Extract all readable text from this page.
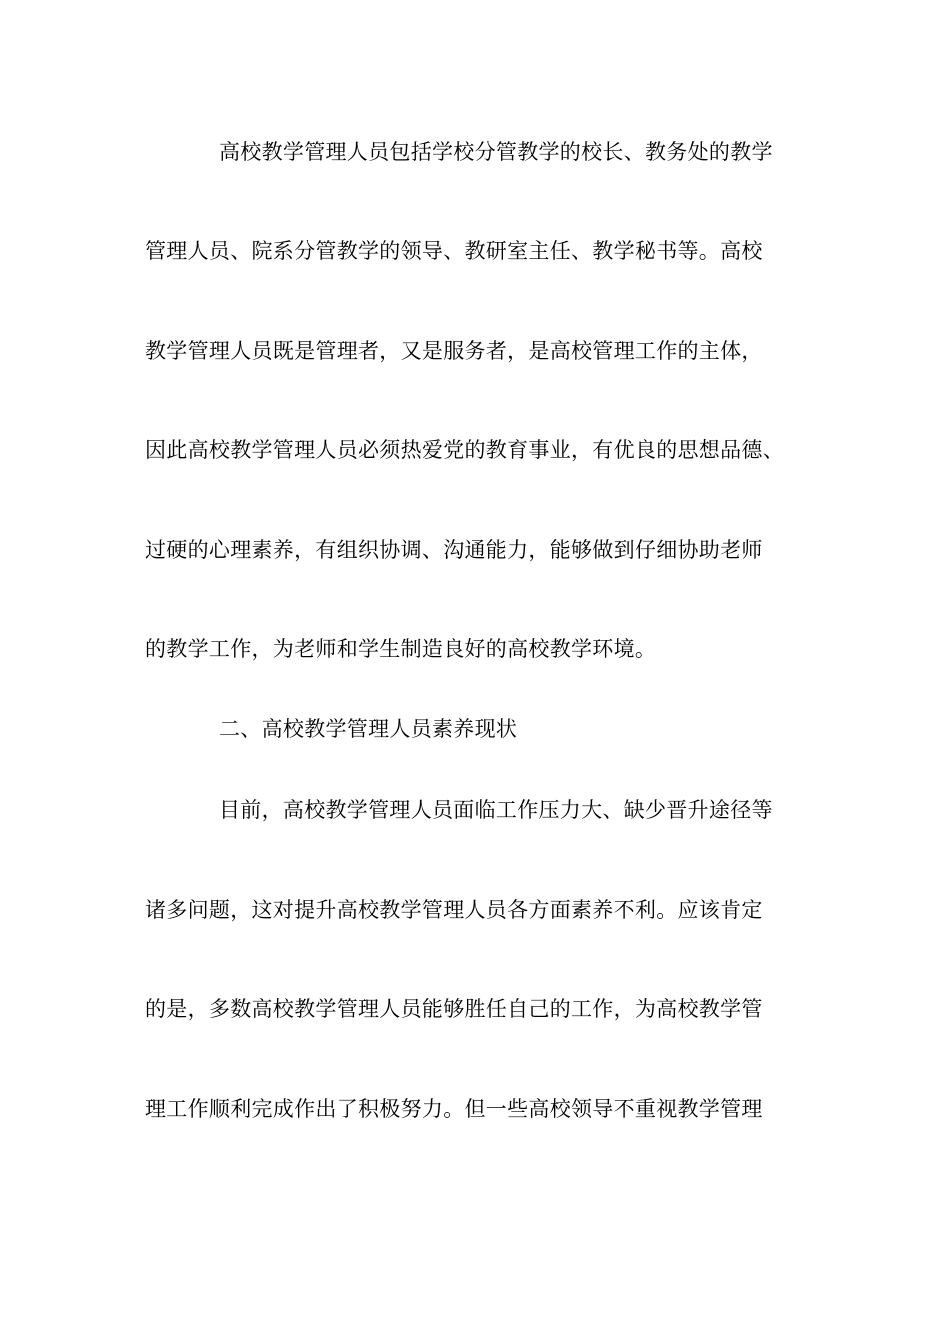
高校教学管理人员包括学校分管教学的校长、教务处的教学
管理人员、院系分管教学的领导、教研室主任、教学秘书等。高校
教学管理人员既是管理者，又是服务者，是高校管理工作的主体，
因此高校教学管理人员必须热爱党的教育事业，有优良的思想品德、
过硬的心理素养，有组织协调、沟通能力，能够做到仔细协助老师
的教学工作，为老师和学生制造良好的高校教学环境。
二、高校教学管理人员素养现状
目前，高校教学管理人员面临工作压力大、缺少晋升途径等
诸多问题，这对提升高校教学管理人员各方面素养不利。应该肯定
的是，多数高校教学管理人员能够胜任自己的工作，为高校教学管
理工作顺利完成作出了积极努力。但一些高校领导不重视教学管理
